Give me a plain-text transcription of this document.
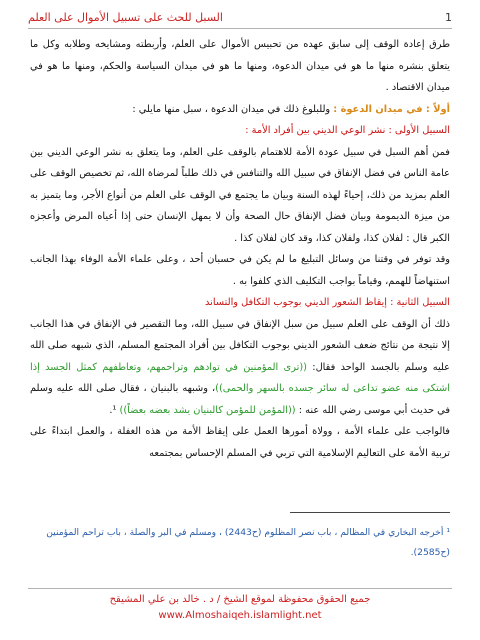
1
السبل للحث على تسبيل الأموال على العلم

طرق إعادة الوقف إلى سابق عهده من تحبيس الأموال على العلم، وأربطته ومشايخه وطلابه وكل ما يتعلق بنشره منها ما هو في ميدان الدعوة، ومنها ما هو في ميدان السياسة والحكم، ومنها ما هو في ميدان الاقتصاد .

أولاً : في ميدان الدعوة : وللبلوغ ذلك في ميدان الدعوة ، سبل منها مايلي :

السبيل الأولى : نشر الوعي الديني بين أفراد الأمة :

فمن أهم السبل في سبيل عودة الأمة للاهتمام بالوقف على العلم، وما يتعلق به نشر الوعي الديني بين عامة الناس في فضل الإنفاق في سبيل الله والتنافس في ذلك طلباً لمرضاة الله، ثم تخصيص الوقف على العلم بمزيد من ذلك، إحياءً لهذه السنة وبيان ما يجتمع في الوقف على العلم من أنواع الأجر، وما يتميز به من ميزة الديمومة وبيان فضل الإنفاق حال الصحة وأن لا يمهل الإنسان حتى إذا أعياه المرض وأعجزه الكبر قال : لفلان كذا، ولفلان كذا، وقد كان لفلان كذا .

وقد توفر في وقتنا من وسائل التبليغ ما لم يكن في حسبان أحد ، وعلى علماء الأمة الوفاء بهذا الجانب استنهاضاً للهمم، وقياماً بواجب التكليف الذي كلفوا به .

السبيل الثانية : إيقاظ الشعور الديني بوجوب التكافل والتساند

ذلك أن الوقف على العلم سبيل من سبل الإنفاق في سبيل الله، وما التقصير في الإنفاق في هذا الجانب إلا نتيجة من نتائج ضعف الشعور الديني بوجوب التكافل بين أفراد المجتمع المسلم، الذي شبهه صلى الله عليه وسلم بالجسد الواحد فقال: ((ترى المؤمنين في توادهم وتراحمهم، وتعاطفهم كمثل الجسد إذا اشتكى منه عضو تداعى له سائر جسده بالسهر والحمى))، وشبهه بالبنيان ، فقال صلى الله عليه وسلم في حديث أبي موسى رضي الله عنه : ((المؤمن للمؤمن كالبنيان يشد بعضه بعضاً)) ¹.

فالواجب على علماء الأمة ، وولاة أمورها العمل على إيقاظ الأمة من هذه الغفلة ، والعمل ابتداءً على تربية الأمة على التعاليم الإسلامية التي تربي في المسلم الإحساس بمجتمعه

¹ أخرجه البخاري في المظالم ، باب نصر المظلوم (ح2443) ، ومسلم في البر والصلة ، باب تراحم المؤمنين (ح2585).
جميع الحقوق محفوظة لموقع الشيخ / د . خالد بن علي المشيقح
www.Almoshaiqeh.islamlight.net
